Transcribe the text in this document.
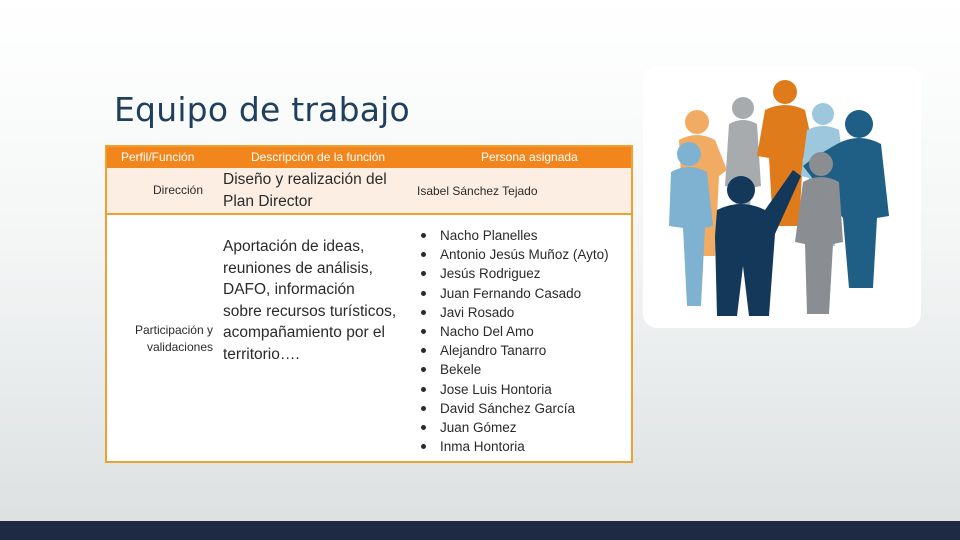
Equipo de trabajo
Perfil/Función	Descripción de la función	Persona asignada
Dirección
Diseño y realización del Plan Director
Isabel Sánchez Tejado
Participación y
validaciones
Aportación de ideas,
reuniones de análisis,
DAFO, información
sobre recursos turísticos,
acompañamiento por el
territorio….
Nacho Planelles
Antonio Jesús Muñoz (Ayto)
Jesús Rodriguez
Juan Fernando Casado
Javi Rosado
Nacho Del Amo
Alejandro Tanarro
Bekele
Jose Luis Hontoria
David Sánchez García
Juan Gómez
Inma Hontoria
